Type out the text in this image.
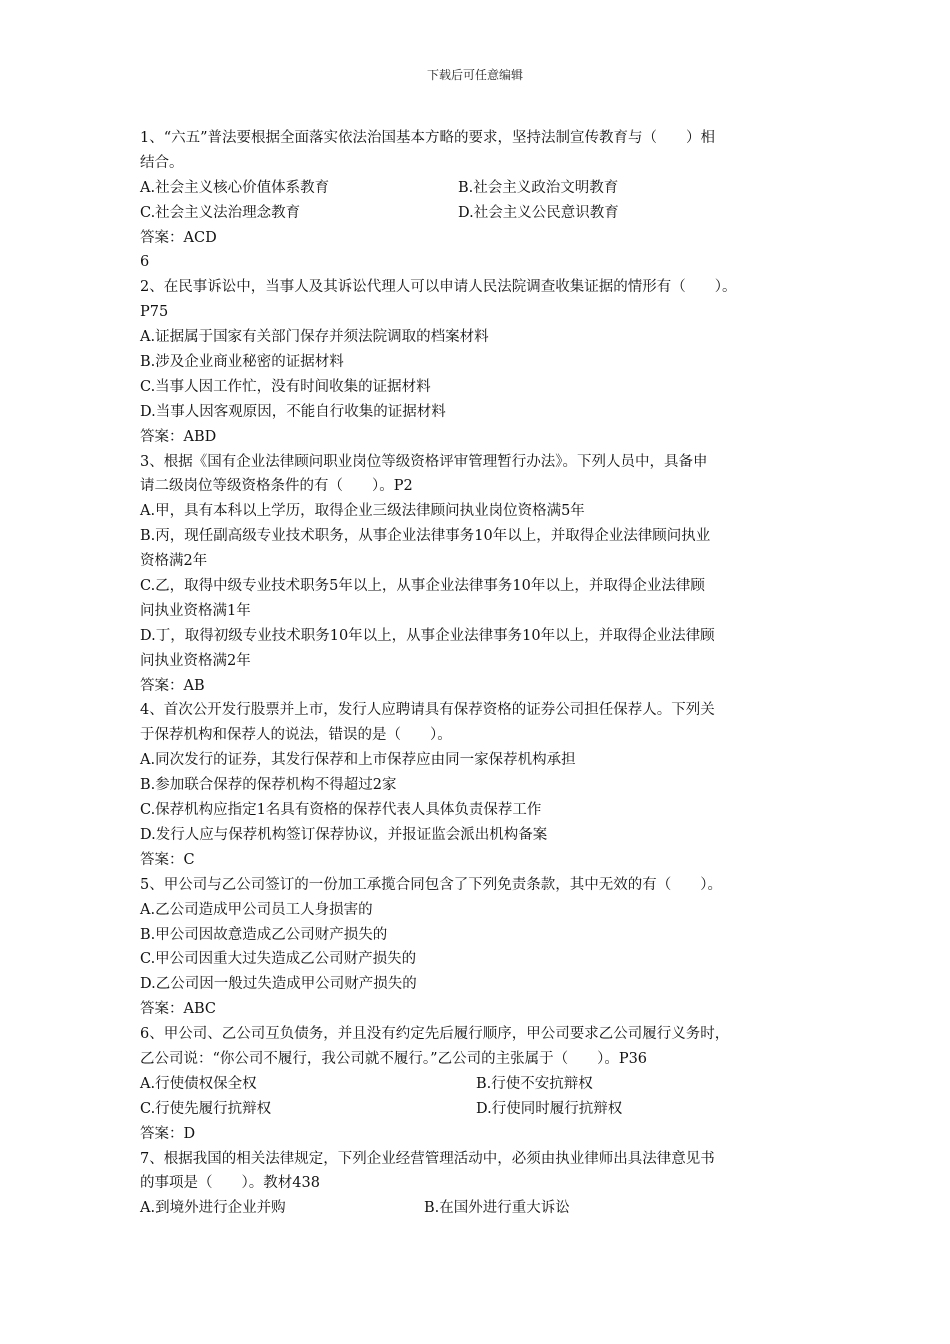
下载后可任意编辑
1、“六五”普法要根据全面落实依法治国基本方略的要求，坚持法制宣传教育与（　　）相
结合。
A.社会主义核心价值体系教育	B.社会主义政治文明教育
C.社会主义法治理念教育	D.社会主义公民意识教育
答案：ACD
6
2、在民事诉讼中，当事人及其诉讼代理人可以申请人民法院调查收集证据的情形有（　　）。
P75
A.证据属于国家有关部门保存并须法院调取的档案材料
B.涉及企业商业秘密的证据材料
C.当事人因工作忙，没有时间收集的证据材料
D.当事人因客观原因，不能自行收集的证据材料
答案：ABD
3、根据《国有企业法律顾问职业岗位等级资格评审管理暂行办法》。下列人员中，具备申
请二级岗位等级资格条件的有（　　）。P2
A.甲，具有本科以上学历，取得企业三级法律顾问执业岗位资格满5年
B.丙，现任副高级专业技术职务，从事企业法律事务10年以上，并取得企业法律顾问执业
资格满2年
C.乙，取得中级专业技术职务5年以上，从事企业法律事务10年以上，并取得企业法律顾
问执业资格满1年
D.丁，取得初级专业技术职务10年以上，从事企业法律事务10年以上，并取得企业法律顾
问执业资格满2年
答案：AB
4、首次公开发行股票并上市，发行人应聘请具有保荐资格的证券公司担任保荐人。下列关
于保荐机构和保荐人的说法，错误的是（　　）。
A.同次发行的证券，其发行保荐和上市保荐应由同一家保荐机构承担
B.参加联合保荐的保荐机构不得超过2家
C.保荐机构应指定1名具有资格的保荐代表人具体负责保荐工作
D.发行人应与保荐机构签订保荐协议，并报证监会派出机构备案
答案：C
5、甲公司与乙公司签订的一份加工承揽合同包含了下列免责条款，其中无效的有（　　）。
A.乙公司造成甲公司员工人身损害的
B.甲公司因故意造成乙公司财产损失的
C.甲公司因重大过失造成乙公司财产损失的
D.乙公司因一般过失造成甲公司财产损失的
答案：ABC
6、甲公司、乙公司互负债务，并且没有约定先后履行顺序，甲公司要求乙公司履行义务时，
乙公司说：“你公司不履行，我公司就不履行。”乙公司的主张属于（　　）。P36
A.行使债权保全权	B.行使不安抗辩权
C.行使先履行抗辩权	D.行使同时履行抗辩权
答案：D
7、根据我国的相关法律规定，下列企业经营管理活动中，必须由执业律师出具法律意见书
的事项是（　　）。教材438
A.到境外进行企业并购	B.在国外进行重大诉讼
